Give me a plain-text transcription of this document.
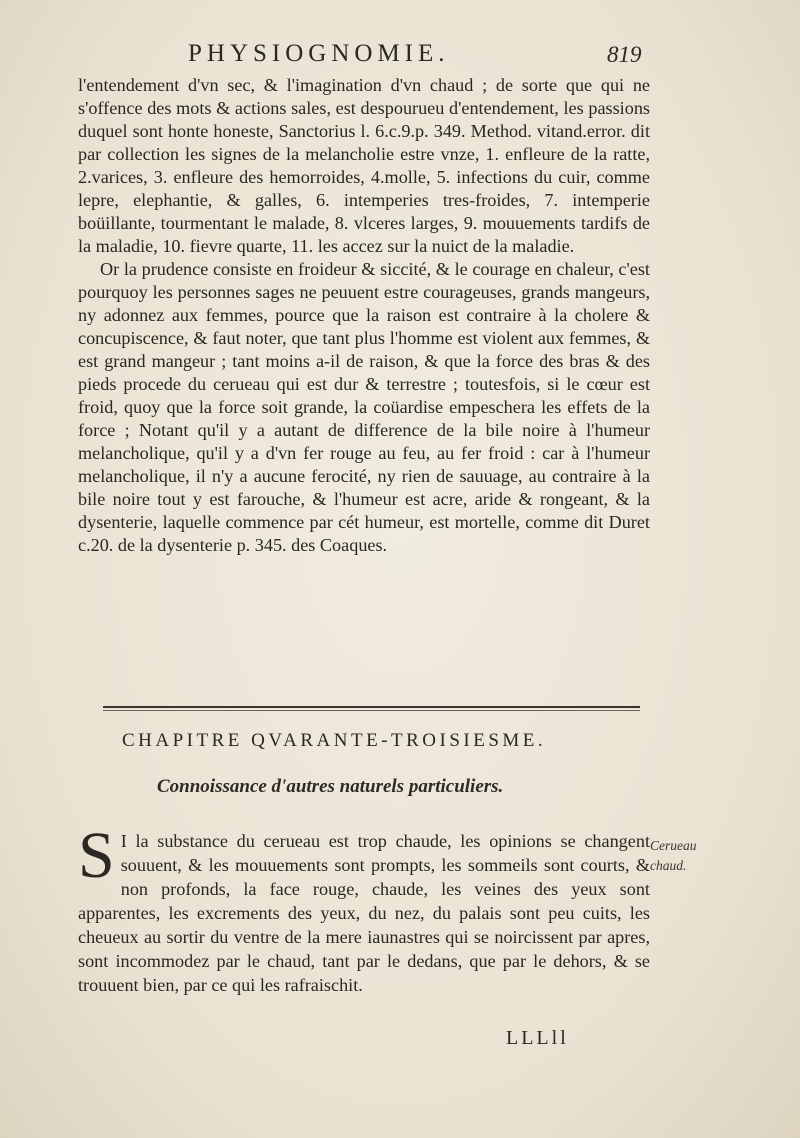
PHYSIOGNOMIE.	819

l'entendement d'vn sec, & l'imagination d'vn chaud ; de sorte que qui ne s'offence des mots & actions sales, est despourueu d'entendement, les passions duquel sont honte honeste, Sanctorius l. 6.c.9.p. 349. Method. vitand.error. dit par collection les signes de la melancholie estre vnze, 1. enfleure de la ratte, 2.varices, 3. enfleure des hemorroides, 4.molle, 5. infections du cuir, comme lepre, elephantie, & galles, 6. intemperies tres-froides, 7. intemperie boüillante, tourmentant le malade, 8. vlceres larges, 9. mouuements tardifs de la maladie, 10. fievre quarte, 11. les accez sur la nuict de la maladie.

Or la prudence consiste en froideur & siccité, & le courage en chaleur, c'est pourquoy les personnes sages ne peuuent estre courageuses, grands mangeurs, ny adonnez aux femmes, pource que la raison est contraire à la cholere & concupiscence, & faut noter, que tant plus l'homme est violent aux femmes, & est grand mangeur ; tant moins a-il de raison, & que la force des bras & des pieds procede du cerueau qui est dur & terrestre ; toutesfois, si le cœur est froid, quoy que la force soit grande, la coüardise empeschera les effets de la force ; Notant qu'il y a autant de difference de la bile noire à l'humeur melancholique, qu'il y a d'vn fer rouge au feu, au fer froid : car à l'humeur melancholique, il n'y a aucune ferocité, ny rien de sauuage, au contraire à la bile noire tout y est farouche, & l'humeur est acre, aride & rongeant, & la dysenterie, laquelle commence par cét humeur, est mortelle, comme dit Duret c.20. de la dysenterie p. 345. des Coaques.

CHAPITRE QVARANTE-TROISIESME.
Connoissance d'autres naturels particuliers.
S I la substance du cerueau est trop chaude, les opinions se changent souuent, & les mouuements sont prompts, les sommeils sont courts, & non profonds, la face rouge, chaude, les veines des yeux sont apparentes, les excrements des yeux, du nez, du palais sont peu cuits, les cheueux au sortir du ventre de la mere iaunastres qui se noircissent par apres, sont incommodez par le chaud, tant par le dedans, que par le dehors, & se trouuent bien, par ce qui les rafraischit.
Cerueau
chaud.
LLLll
